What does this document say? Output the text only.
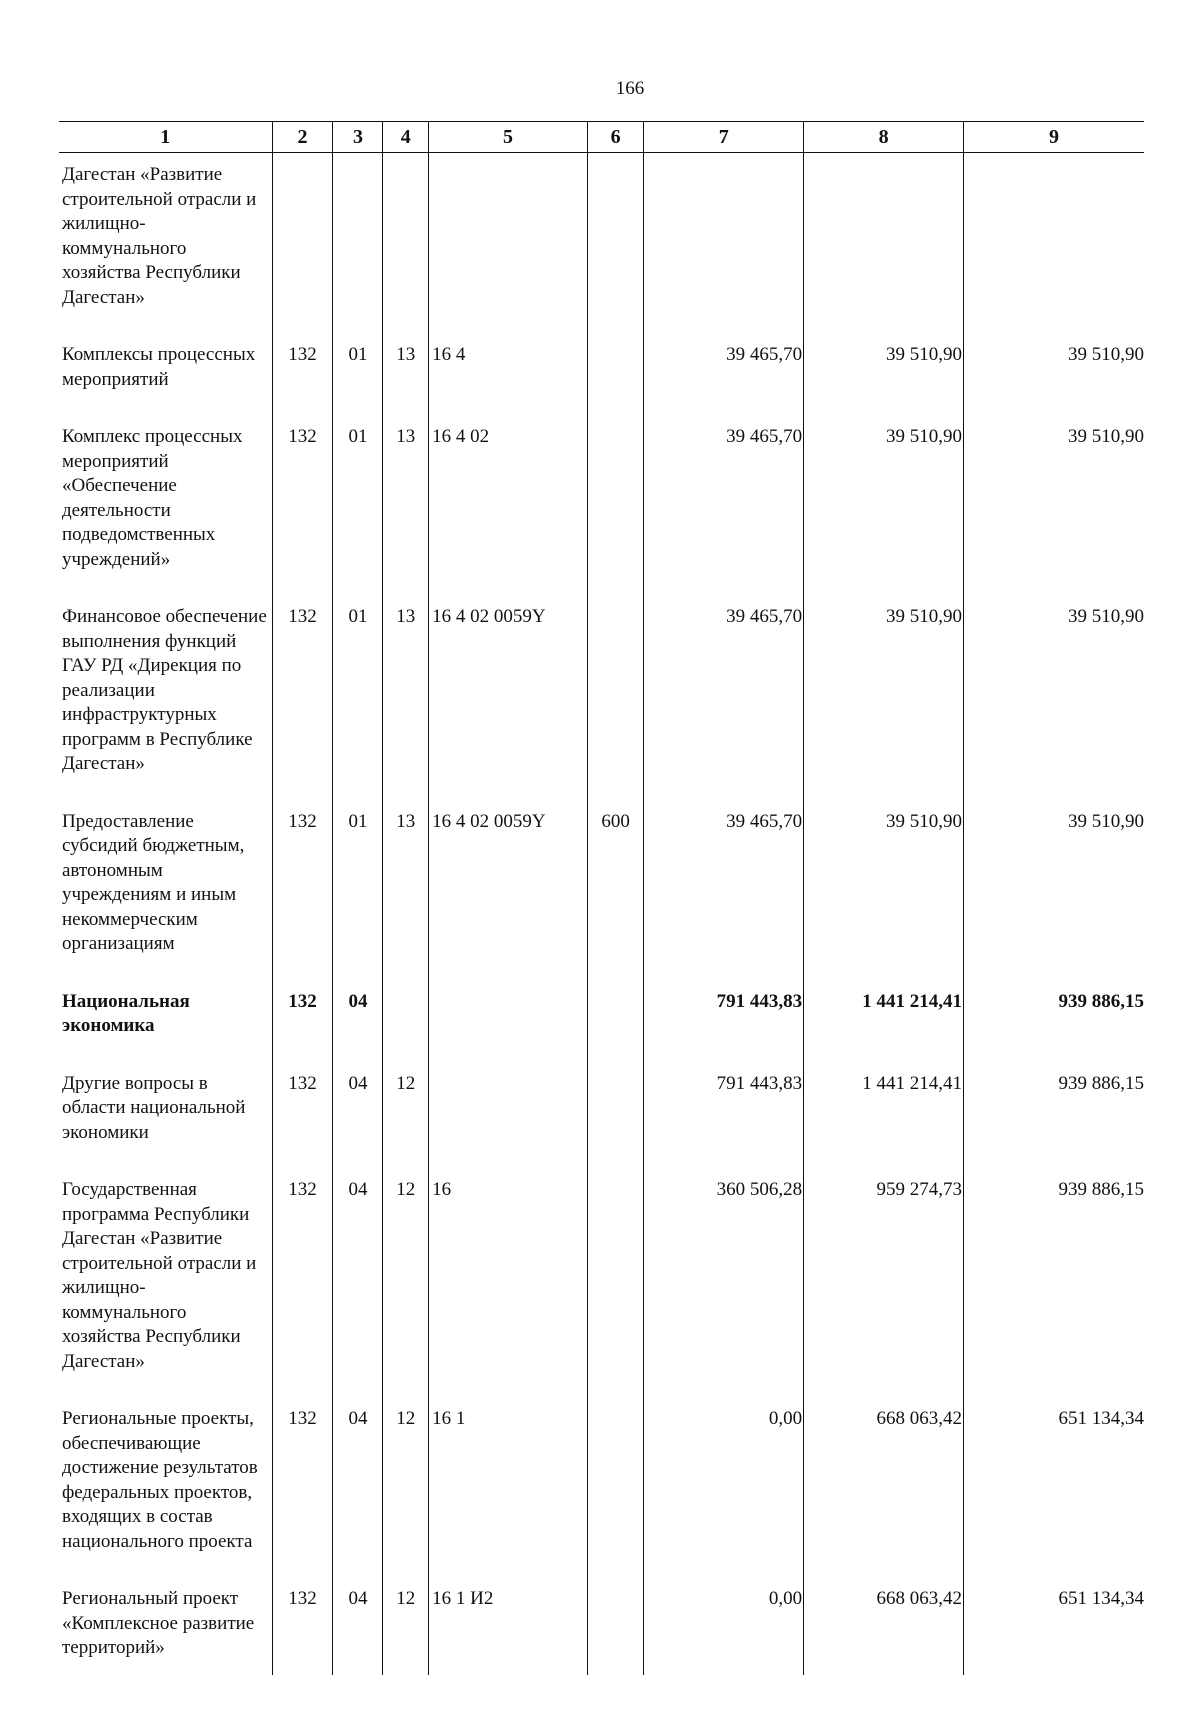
166
1	2	3	4	5	6	7	8	9
Дагестан «Развитие строительной отрасли и жилищно-коммунального хозяйства Республики Дагестан»								
Комплексы процессных мероприятий	132	01	13	16 4		39 465,70	39 510,90	39 510,90
Комплекс процессных мероприятий «Обеспечение деятельности подведомственных учреждений»	132	01	13	16 4 02		39 465,70	39 510,90	39 510,90
Финансовое обеспечение выполнения функций ГАУ РД «Дирекция по реализации инфраструктурных программ в Республике Дагестан»	132	01	13	16 4 02 0059Y		39 465,70	39 510,90	39 510,90
Предоставление субсидий бюджетным, автономным учреждениям и иным некоммерческим организациям	132	01	13	16 4 02 0059Y	600	39 465,70	39 510,90	39 510,90
Национальная экономика	132	04				791 443,83	1 441 214,41	939 886,15
Другие вопросы в области национальной экономики	132	04	12			791 443,83	1 441 214,41	939 886,15
Государственная программа Республики Дагестан «Развитие строительной отрасли и жилищно-коммунального хозяйства Республики Дагестан»	132	04	12	16		360 506,28	959 274,73	939 886,15
Региональные проекты, обеспечивающие достижение результатов федеральных проектов, входящих в состав национального проекта	132	04	12	16 1		0,00	668 063,42	651 134,34
Региональный проект «Комплексное развитие территорий»	132	04	12	16 1 И2		0,00	668 063,42	651 134,34
